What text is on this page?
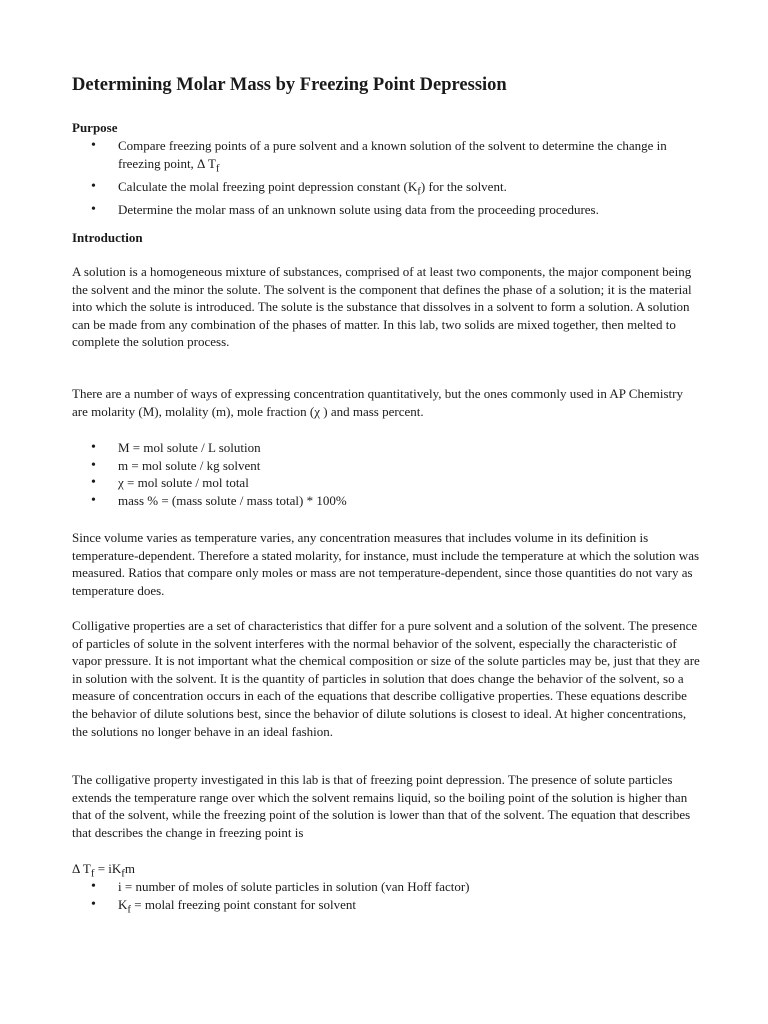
Determining Molar Mass by Freezing Point Depression
Purpose
• Compare freezing points of a pure solvent and a known solution of the solvent to determine the change in freezing point, Δ $T_f$
• Calculate the molal freezing point depression constant $(K_f)$ for the solvent.
• Determine the molar mass of an unknown solute using data from the proceeding procedures.
Introduction

A solution is a homogeneous mixture of substances, comprised of at least two components, the major component being the solvent and the minor the solute. The solvent is the component that defines the phase of a solution; it is the material into which the solute is introduced. The solute is the substance that dissolves in a solvent to form a solution. A solution can be made from any combination of the phases of matter. In this lab, two solids are mixed together, then melted to complete the solution process.

There are a number of ways of expressing concentration quantitatively, but the ones commonly used in AP Chemistry are molarity (M), molality (m), mole fraction (χ ) and mass percent.

• M = mol solute / L solution
• m = mol solute / kg solvent
• χ = mol solute / mol total
• mass % = (mass solute / mass total) * 100%

Since volume varies as temperature varies, any concentration measures that includes volume in its definition is temperature-dependent. Therefore a stated molarity, for instance, must include the temperature at which the solution was measured. Ratios that compare only moles or mass are not temperature-dependent, since those quantities do not vary as temperature does.

Colligative properties are a set of characteristics that differ for a pure solvent and a solution of the solvent. The presence of particles of solute in the solvent interferes with the normal behavior of the solvent, especially the characteristic of vapor pressure. It is not important what the chemical composition or size of the solute particles may be, just that they are in solution with the solvent. It is the quantity of particles in solution that does change the behavior of the solvent, so a measure of concentration occurs in each of the equations that describe colligative properties. These equations describe the behavior of dilute solutions best, since the behavior of dilute solutions is closest to ideal. At higher concentrations, the solutions no longer behave in an ideal fashion.

The colligative property investigated in this lab is that of freezing point depression. The presence of solute particles extends the temperature range over which the solvent remains liquid, so the boiling point of the solution is higher than that of the solvent, while the freezing point of the solution is lower than that of the solvent. The equation that describes that describes the change in freezing point is

Δ $T_f = iK_fm$

• i = number of moles of solute particles in solution (van Hoff factor)
• $K_f$ = molal freezing point constant for solvent
